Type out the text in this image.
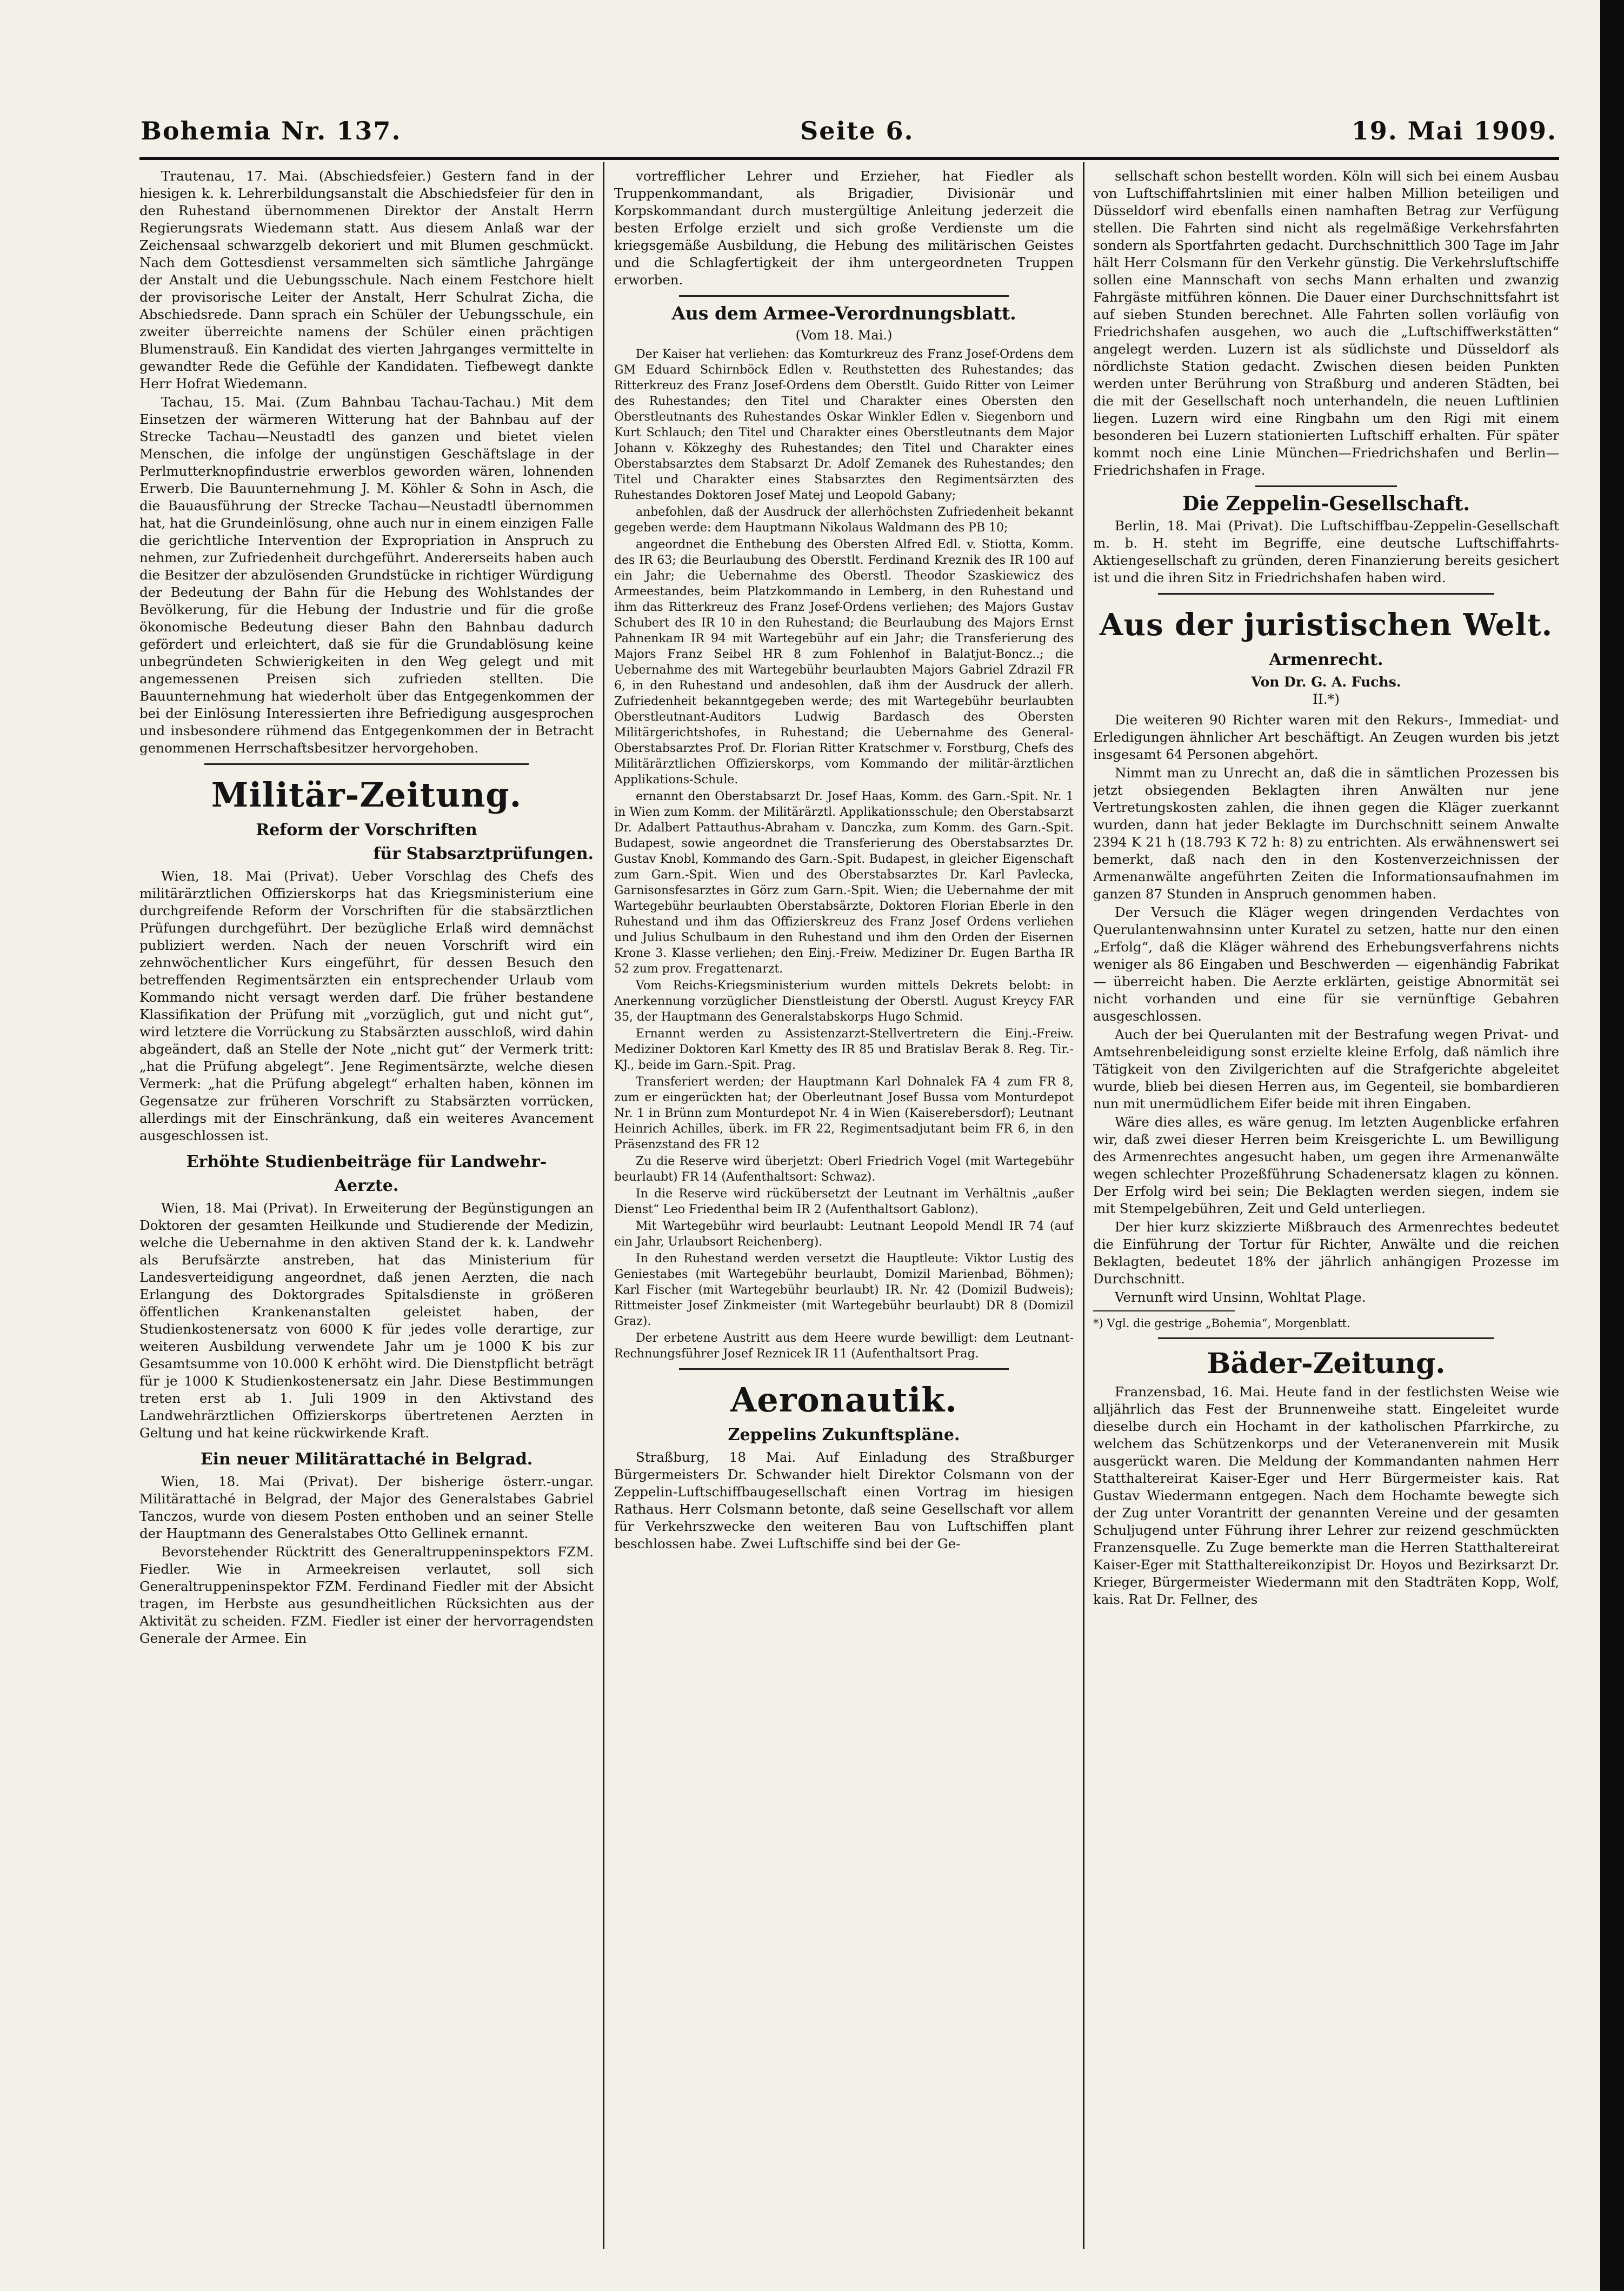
Bohemia Nr. 137.	Seite 6.	19. Mai 1909.

Trautenau, 17. Mai. (Abschiedsfeier.) Gestern fand in der hiesigen k. k. Lehrerbildungsanstalt die Abschiedsfeier für den in den Ruhestand übernommenen Direktor der Anstalt Herrn Regierungsrats Wiedemann statt. Aus diesem Anlaß war der Zeichensaal schwarzgelb dekoriert und mit Blumen geschmückt. Nach dem Gottesdienst versammelten sich sämtliche Jahrgänge der Anstalt und die Uebungsschule. Nach einem Festchore hielt der provisorische Leiter der Anstalt, Herr Schulrat Zicha, die Abschiedsrede. Dann sprach ein Schüler der Uebungsschule, ein zweiter überreichte namens der Schüler einen prächtigen Blumenstrauß. Ein Kandidat des vierten Jahrganges vermittelte in gewandter Rede die Gefühle der Kandidaten. Tiefbewegt dankte Herr Hofrat Wiedemann.

Tachau, 15. Mai. (Zum Bahnbau Tachau-Tachau.) Mit dem Einsetzen der wärmeren Witterung hat der Bahnbau auf der Strecke Tachau—Neustadtl des ganzen und bietet vielen Menschen, die infolge der ungünstigen Geschäftslage in der Perlmutterknopfindustrie erwerblos geworden wären, lohnenden Erwerb. Die Bauunternehmung J. M. Köhler & Sohn in Asch, die die Bauausführung der Strecke Tachau—Neustadtl übernommen hat, hat die Grundeinlösung, ohne auch nur in einem einzigen Falle die gerichtliche Intervention der Expropriation in Anspruch zu nehmen, zur Zufriedenheit durchgeführt. Andererseits haben auch die Besitzer der abzulösenden Grundstücke in richtiger Würdigung der Bedeutung der Bahn für die Hebung des Wohlstandes der Bevölkerung, für die Hebung der Industrie und für die große ökonomische Bedeutung dieser Bahn den Bahnbau dadurch gefördert und erleichtert, daß sie für die Grundablösung keine unbegründeten Schwierigkeiten in den Weg gelegt und mit angemessenen Preisen sich zufrieden stellten. Die Bauunternehmung hat wiederholt über das Entgegenkommen der bei der Einlösung Interessierten ihre Befriedigung ausgesprochen und insbesondere rühmend das Entgegenkommen der in Betracht genommenen Herrschaftsbesitzer hervorgehoben.

Militär-Zeitung.
Reform der Vorschriften
für Stabsarztprüfungen.

Wien, 18. Mai (Privat). Ueber Vorschlag des Chefs des militärärztlichen Offizierskorps hat das Kriegsministerium eine durchgreifende Reform der Vorschriften für die stabsärztlichen Prüfungen durchgeführt. Der bezügliche Erlaß wird demnächst publiziert werden. Nach der neuen Vorschrift wird ein zehnwöchentlicher Kurs eingeführt, für dessen Besuch den betreffenden Regimentsärzten ein entsprechender Urlaub vom Kommando nicht versagt werden darf. Die früher bestandene Klassifikation der Prüfung mit „vorzüglich, gut und nicht gut“, wird letztere die Vorrückung zu Stabsärzten ausschloß, wird dahin abgeändert, daß an Stelle der Note „nicht gut“ der Vermerk tritt: „hat die Prüfung abgelegt“. Jene Regimentsärzte, welche diesen Vermerk: „hat die Prüfung abgelegt“ erhalten haben, können im Gegensatze zur früheren Vorschrift zu Stabsärzten vorrücken, allerdings mit der Einschränkung, daß ein weiteres Avancement ausgeschlossen ist.

Erhöhte Studienbeiträge für Landwehr-
Aerzte.

Wien, 18. Mai (Privat). In Erweiterung der Begünstigungen an Doktoren der gesamten Heilkunde und Studierende der Medizin, welche die Uebernahme in den aktiven Stand der k. k. Landwehr als Berufsärzte anstreben, hat das Ministerium für Landesverteidigung angeordnet, daß jenen Aerzten, die nach Erlangung des Doktorgrades Spitalsdienste in größeren öffentlichen Krankenanstalten geleistet haben, der Studienkostenersatz von 6000 K für jedes volle derartige, zur weiteren Ausbildung verwendete Jahr um je 1000 K bis zur Gesamtsumme von 10.000 K erhöht wird. Die Dienstpflicht beträgt für je 1000 K Studienkostenersatz ein Jahr. Diese Bestimmungen treten erst ab 1. Juli 1909 in den Aktivstand des Landwehrärztlichen Offizierskorps übertretenen Aerzten in Geltung und hat keine rückwirkende Kraft.

Ein neuer Militärattaché in Belgrad.

Wien, 18. Mai (Privat). Der bisherige österr.-ungar. Militärattaché in Belgrad, der Major des Generalstabes Gabriel Tanczos, wurde von diesem Posten enthoben und an seiner Stelle der Hauptmann des Generalstabes Otto Gellinek ernannt.

Bevorstehender Rücktritt des Generaltruppeninspektors FZM. Fiedler. Wie in Armeekreisen verlautet, soll sich Generaltruppeninspektor FZM. Ferdinand Fiedler mit der Absicht tragen, im Herbste aus gesundheitlichen Rücksichten aus der Aktivität zu scheiden. FZM. Fiedler ist einer der hervorragendsten Generale der Armee. Ein

vortrefflicher Lehrer und Erzieher, hat Fiedler als Truppenkommandant, als Brigadier, Divisionär und Korpskommandant durch mustergültige Anleitung jederzeit die besten Erfolge erzielt und sich große Verdienste um die kriegsgemäße Ausbildung, die Hebung des militärischen Geistes und die Schlagfertigkeit der ihm untergeordneten Truppen erworben.

Aus dem Armee-Verordnungsblatt.
(Vom 18. Mai.)

Der Kaiser hat verliehen: das Komturkreuz des Franz Josef-Ordens dem GM Eduard Schirnböck Edlen v. Reuthstetten des Ruhestandes; das Ritterkreuz des Franz Josef-Ordens dem Oberstlt. Guido Ritter von Leimer des Ruhestandes; den Titel und Charakter eines Obersten den Oberstleutnants des Ruhestandes Oskar Winkler Edlen v. Siegenborn und Kurt Schlauch; den Titel und Charakter eines Oberstleutnants dem Major Johann v. Kökzeghy des Ruhestandes; den Titel und Charakter eines Oberstabsarztes dem Stabsarzt Dr. Adolf Zemanek des Ruhestandes; den Titel und Charakter eines Stabsarztes den Regimentsärzten des Ruhestandes Doktoren Josef Matej und Leopold Gabany;

anbefohlen, daß der Ausdruck der allerhöchsten Zufriedenheit bekannt gegeben werde: dem Hauptmann Nikolaus Waldmann des PB 10;

angeordnet die Enthebung des Obersten Alfred Edl. v. Stiotta, Komm. des IR 63; die Beurlaubung des Oberstlt. Ferdinand Kreznik des IR 100 auf ein Jahr; die Uebernahme des Oberstl. Theodor Szaskiewicz des Armeestandes, beim Platzkommando in Lemberg, in den Ruhestand und ihm das Ritterkreuz des Franz Josef-Ordens verliehen; des Majors Gustav Schubert des IR 10 in den Ruhestand; die Beurlaubung des Majors Ernst Pahnenkam IR 94 mit Wartegebühr auf ein Jahr; die Transferierung des Majors Franz Seibel HR 8 zum Fohlenhof in Balatjut-Boncz..; die Uebernahme des mit Wartegebühr beurlaubten Majors Gabriel Zdrazil FR 6, in den Ruhestand und andesohlen, daß ihm der Ausdruck der allerh. Zufriedenheit bekanntgegeben werde; des mit Wartegebühr beurlaubten Oberstleutnant-Auditors Ludwig Bardasch des Obersten Militärgerichtshofes, in Ruhestand; die Uebernahme des General-Oberstabsarztes Prof. Dr. Florian Ritter Kratschmer v. Forstburg, Chefs des Militärärztlichen Offizierskorps, vom Kommando der militär-ärztlichen Applikations-Schule.

ernannt den Oberstabsarzt Dr. Josef Haas, Komm. des Garn.-Spit. Nr. 1 in Wien zum Komm. der Militärärztl. Applikationsschule; den Oberstabsarzt Dr. Adalbert Pattauthus-Abraham v. Danczka, zum Komm. des Garn.-Spit. Budapest, sowie angeordnet die Transferierung des Oberstabsarztes Dr. Gustav Knobl, Kommando des Garn.-Spit. Budapest, in gleicher Eigenschaft zum Garn.-Spit. Wien und des Oberstabsarztes Dr. Karl Pavlecka, Garnisonsfesarztes in Görz zum Garn.-Spit. Wien; die Uebernahme der mit Wartegebühr beurlaubten Oberstabsärzte, Doktoren Florian Eberle in den Ruhestand und ihm das Offizierskreuz des Franz Josef Ordens verliehen und Julius Schulbaum in den Ruhestand und ihm den Orden der Eisernen Krone 3. Klasse verliehen; den Einj.-Freiw. Mediziner Dr. Eugen Bartha IR 52 zum prov. Fregattenarzt.

Vom Reichs-Kriegsministerium wurden mittels Dekrets belobt: in Anerkennung vorzüglicher Dienstleistung der Oberstl. August Kreycy FAR 35, der Hauptmann des Generalstabskorps Hugo Schmid.

Ernannt werden zu Assistenzarzt-Stellvertretern die Einj.-Freiw. Mediziner Doktoren Karl Kmetty des IR 85 und Bratislav Berak 8. Reg. Tir.-KJ., beide im Garn.-Spit. Prag.

Transferiert werden; der Hauptmann Karl Dohnalek FA 4 zum FR 8, zum er eingerückten hat; der Oberleutnant Josef Bussa vom Monturdepot Nr. 1 in Brünn zum Monturdepot Nr. 4 in Wien (Kaiserebersdorf); Leutnant Heinrich Achilles, überk. im FR 22, Regimentsadjutant beim FR 6, in den Präsenzstand des FR 12

Zu die Reserve wird überjetzt: Oberl Friedrich Vogel (mit Wartegebühr beurlaubt) FR 14 (Aufenthaltsort: Schwaz).

In die Reserve wird rückübersetzt der Leutnant im Verhältnis „außer Dienst“ Leo Friedenthal beim IR 2 (Aufenthaltsort Gablonz).

Mit Wartegebühr wird beurlaubt: Leutnant Leopold Mendl IR 74 (auf ein Jahr, Urlaubsort Reichenberg).

In den Ruhestand werden versetzt die Hauptleute: Viktor Lustig des Geniestabes (mit Wartegebühr beurlaubt, Domizil Marienbad, Böhmen); Karl Fischer (mit Wartegebühr beurlaubt) IR. Nr. 42 (Domizil Budweis); Rittmeister Josef Zinkmeister (mit Wartegebühr beurlaubt) DR 8 (Domizil Graz).

Der erbetene Austritt aus dem Heere wurde bewilligt: dem Leutnant-Rechnungsführer Josef Reznicek IR 11 (Aufenthaltsort Prag.

Aeronautik.
Zeppelins Zukunftspläne.

Straßburg, 18 Mai. Auf Einladung des Straßburger Bürgermeisters Dr. Schwander hielt Direktor Colsmann von der Zeppelin-Luftschiffbaugesellschaft einen Vortrag im hiesigen Rathaus. Herr Colsmann betonte, daß seine Gesellschaft vor allem für Verkehrszwecke den weiteren Bau von Luftschiffen plant beschlossen habe. Zwei Luftschiffe sind bei der Ge-

sellschaft schon bestellt worden. Köln will sich bei einem Ausbau von Luftschiffahrtslinien mit einer halben Million beteiligen und Düsseldorf wird ebenfalls einen namhaften Betrag zur Verfügung stellen. Die Fahrten sind nicht als regelmäßige Verkehrsfahrten sondern als Sportfahrten gedacht. Durchschnittlich 300 Tage im Jahr hält Herr Colsmann für den Verkehr günstig. Die Verkehrsluftschiffe sollen eine Mannschaft von sechs Mann erhalten und zwanzig Fahrgäste mitführen können. Die Dauer einer Durchschnittsfahrt ist auf sieben Stunden berechnet. Alle Fahrten sollen vorläufig von Friedrichshafen ausgehen, wo auch die „Luftschiffwerkstätten“ angelegt werden. Luzern ist als südlichste und Düsseldorf als nördlichste Station gedacht. Zwischen diesen beiden Punkten werden unter Berührung von Straßburg und anderen Städten, bei die mit der Gesellschaft noch unterhandeln, die neuen Luftlinien liegen. Luzern wird eine Ringbahn um den Rigi mit einem besonderen bei Luzern stationierten Luftschiff erhalten. Für später kommt noch eine Linie München—Friedrichshafen und Berlin—Friedrichshafen in Frage.

Die Zeppelin-Gesellschaft.

Berlin, 18. Mai (Privat). Die Luftschiffbau-Zeppelin-Gesellschaft m. b. H. steht im Begriffe, eine deutsche Luftschiffahrts-Aktiengesellschaft zu gründen, deren Finanzierung bereits gesichert ist und die ihren Sitz in Friedrichshafen haben wird.

Aus der juristischen Welt.
Armenrecht.
Von Dr. G. A. Fuchs.
II.*)

Die weiteren 90 Richter waren mit den Rekurs-, Immediat- und Erledigungen ähnlicher Art beschäftigt. An Zeugen wurden bis jetzt insgesamt 64 Personen abgehört.

Nimmt man zu Unrecht an, daß die in sämtlichen Prozessen bis jetzt obsiegenden Beklagten ihren Anwälten nur jene Vertretungskosten zahlen, die ihnen gegen die Kläger zuerkannt wurden, dann hat jeder Beklagte im Durchschnitt seinem Anwalte 2394 K 21 h (18.793 K 72 h: 8) zu entrichten. Als erwähnenswert sei bemerkt, daß nach den in den Kostenverzeichnissen der Armenanwälte angeführten Zeiten die Informationsaufnahmen im ganzen 87 Stunden in Anspruch genommen haben.

Der Versuch die Kläger wegen dringenden Verdachtes von Querulantenwahnsinn unter Kuratel zu setzen, hatte nur den einen „Erfolg“, daß die Kläger während des Erhebungsverfahrens nichts weniger als 86 Eingaben und Beschwerden — eigenhändig Fabrikat — überreicht haben. Die Aerzte erklärten, geistige Abnormität sei nicht vorhanden und eine für sie vernünftige Gebahren ausgeschlossen.

Auch der bei Querulanten mit der Bestrafung wegen Privat- und Amtsehrenbeleidigung sonst erzielte kleine Erfolg, daß nämlich ihre Tätigkeit von den Zivilgerichten auf die Strafgerichte abgeleitet wurde, blieb bei diesen Herren aus, im Gegenteil, sie bombardieren nun mit unermüdlichem Eifer beide mit ihren Eingaben.

Wäre dies alles, es wäre genug. Im letzten Augenblicke erfahren wir, daß zwei dieser Herren beim Kreisgerichte L. um Bewilligung des Armenrechtes angesucht haben, um gegen ihre Armenanwälte wegen schlechter Prozeßführung Schadenersatz klagen zu können. Der Erfolg wird bei sein; Die Beklagten werden siegen, indem sie mit Stempelgebühren, Zeit und Geld unterliegen.

Der hier kurz skizzierte Mißbrauch des Armenrechtes bedeutet die Einführung der Tortur für Richter, Anwälte und die reichen Beklagten, bedeutet 18% der jährlich anhängigen Prozesse im Durchschnitt.

Vernunft wird Unsinn, Wohltat Plage.

*) Vgl. die gestrige „Bohemia“, Morgenblatt.

Bäder-Zeitung.

Franzensbad, 16. Mai. Heute fand in der festlichsten Weise wie alljährlich das Fest der Brunnenweihe statt. Eingeleitet wurde dieselbe durch ein Hochamt in der katholischen Pfarrkirche, zu welchem das Schützenkorps und der Veteranenverein mit Musik ausgerückt waren. Die Meldung der Kommandanten nahmen Herr Statthaltereirat Kaiser-Eger und Herr Bürgermeister kais. Rat Gustav Wiedermann entgegen. Nach dem Hochamte bewegte sich der Zug unter Vorantritt der genannten Vereine und der gesamten Schuljugend unter Führung ihrer Lehrer zur reizend geschmückten Franzensquelle. Zu Zuge bemerkte man die Herren Statthaltereirat Kaiser-Eger mit Statthaltereikonzipist Dr. Hoyos und Bezirksarzt Dr. Krieger, Bürgermeister Wiedermann mit den Stadträten Kopp, Wolf, kais. Rat Dr. Fellner, des
